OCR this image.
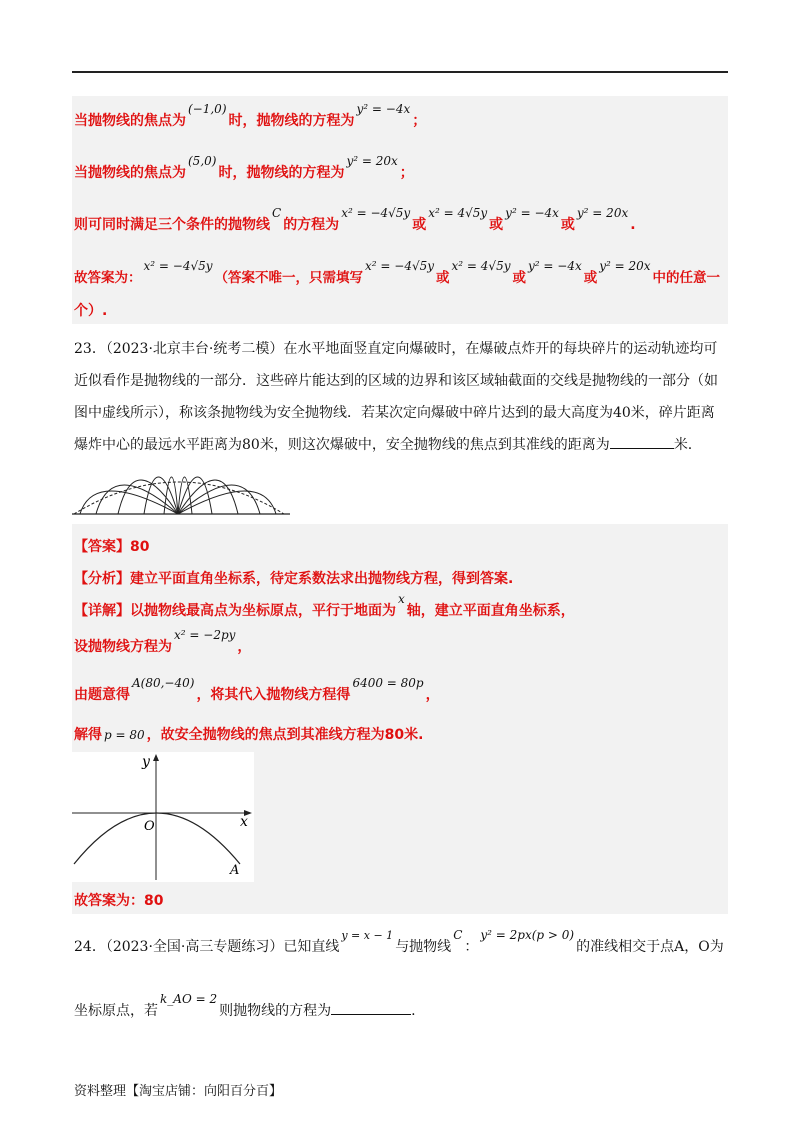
当抛物线的焦点为(−1,0)时，抛物线的方程为y² = −4x；
当抛物线的焦点为(5,0)时，抛物线的方程为y² = 20x；
则可同时满足三个条件的抛物线C的方程为x² = −4√5y或x² = 4√5y或y² = −4x或y² = 20x.
故答案为：x² = −4√5y（答案不唯一，只需填写x² = −4√5y或x² = 4√5y或y² = −4x或y² = 20x中的任意一
个）.
23．（2023·北京丰台·统考二模）在水平地面竖直定向爆破时，在爆破点炸开的每块碎片的运动轨迹均可
近似看作是抛物线的一部分．这些碎片能达到的区域的边界和该区域轴截面的交线是抛物线的一部分（如
图中虚线所示），称该条抛物线为安全抛物线．若某次定向爆破中碎片达到的最大高度为40米，碎片距离
爆炸中心的最远水平距离为80米，则这次爆破中，安全抛物线的焦点到其准线的距离为	米.
【答案】80
【分析】建立平面直角坐标系，待定系数法求出抛物线方程，得到答案.
【详解】以抛物线最高点为坐标原点，平行于地面为x轴，建立平面直角坐标系，
设抛物线方程为x² = −2py，
由题意得A(80,−40)，将其代入抛物线方程得6400 = 80p，
解得 p = 80 ，故安全抛物线的焦点到其准线方程为80米.
y
x
O
A
故答案为：80
24．（2023·全国·高三专题练习）已知直线$^{y = x - 1}$与抛物线C：y² = 2px(p > 0)的准线相交于点A，O为
坐标原点，若k_AO = 2则抛物线的方程为	.
资料整理【淘宝店铺：向阳百分百】
